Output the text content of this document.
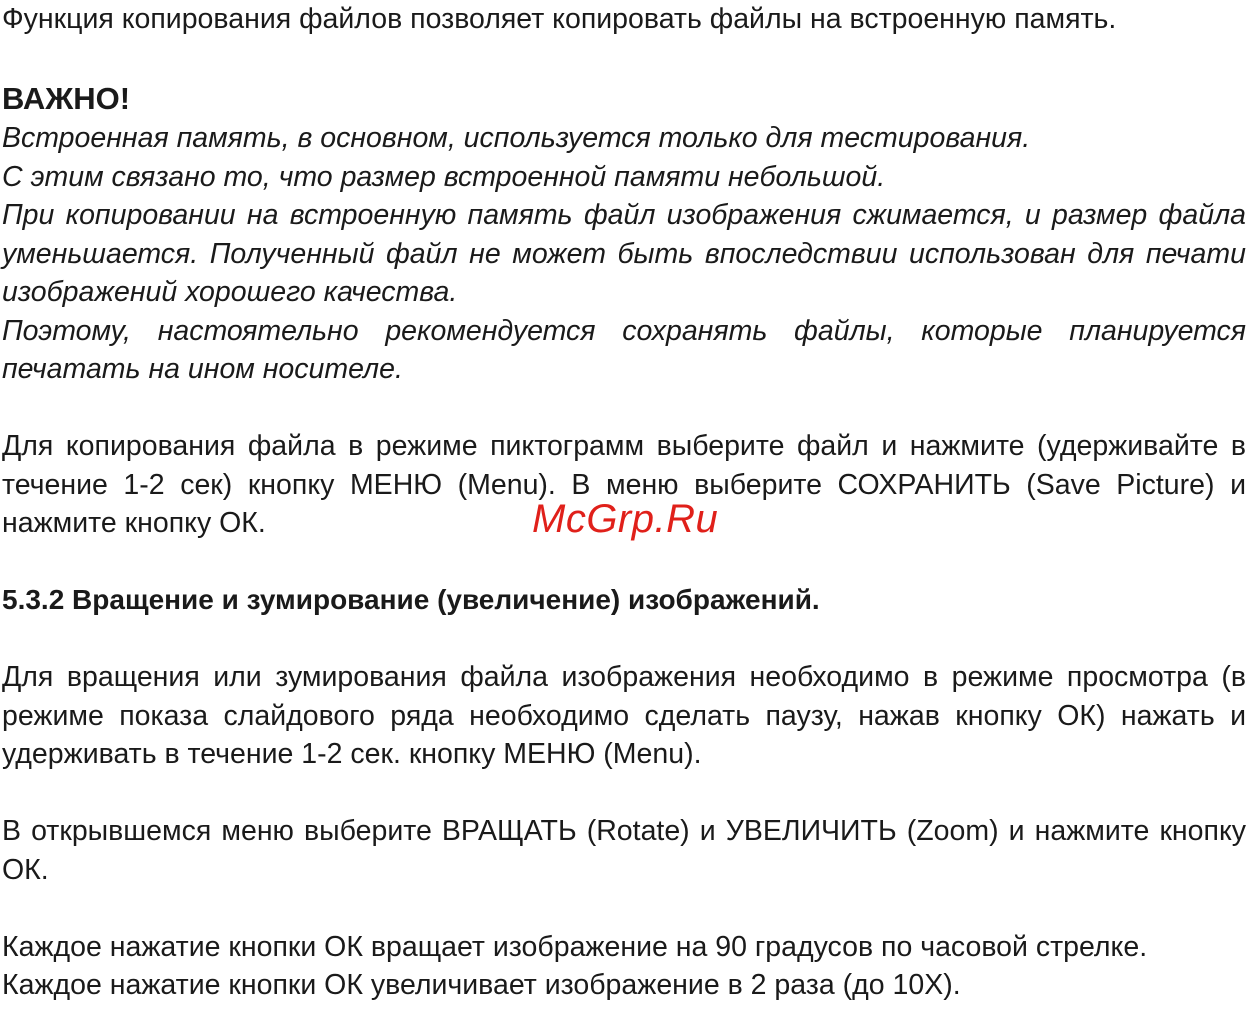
Функция копирования файлов позволяет копировать файлы на встроенную память.

ВАЖНО!

Встроенная память, в основном, используется только для тестирования.

С этим связано то, что размер встроенной памяти небольшой.

При копировании на встроенную память файл изображения сжимается, и размер файла уменьшается. Полученный файл не может быть впоследствии использован для печати изображений хорошего качества.

Поэтому, настоятельно рекомендуется сохранять файлы, которые планируется печатать на ином носителе.

Для копирования файла в режиме пиктограмм выберите файл и нажмите (удерживайте в течение 1-2 сек) кнопку МЕНЮ (Menu). В меню выберите СОХРАНИТЬ (Save Picture) и нажмите кнопку ОК.

5.3.2 Вращение и зумирование (увеличение) изображений.

Для вращения или зумирования файла изображения необходимо в режиме просмотра (в режиме показа слайдового ряда необходимо сделать паузу, нажав кнопку ОК) нажать и удерживать в течение 1-2 сек. кнопку МЕНЮ (Menu).

В открывшемся меню выберите ВРАЩАТЬ (Rotate) и УВЕЛИЧИТЬ (Zoom) и нажмите кнопку ОК.

Каждое нажатие кнопки ОК вращает изображение на 90 градусов по часовой стрелке.

Каждое нажатие кнопки ОК увеличивает изображение в 2 раза (до 10X).

McGrp.Ru
